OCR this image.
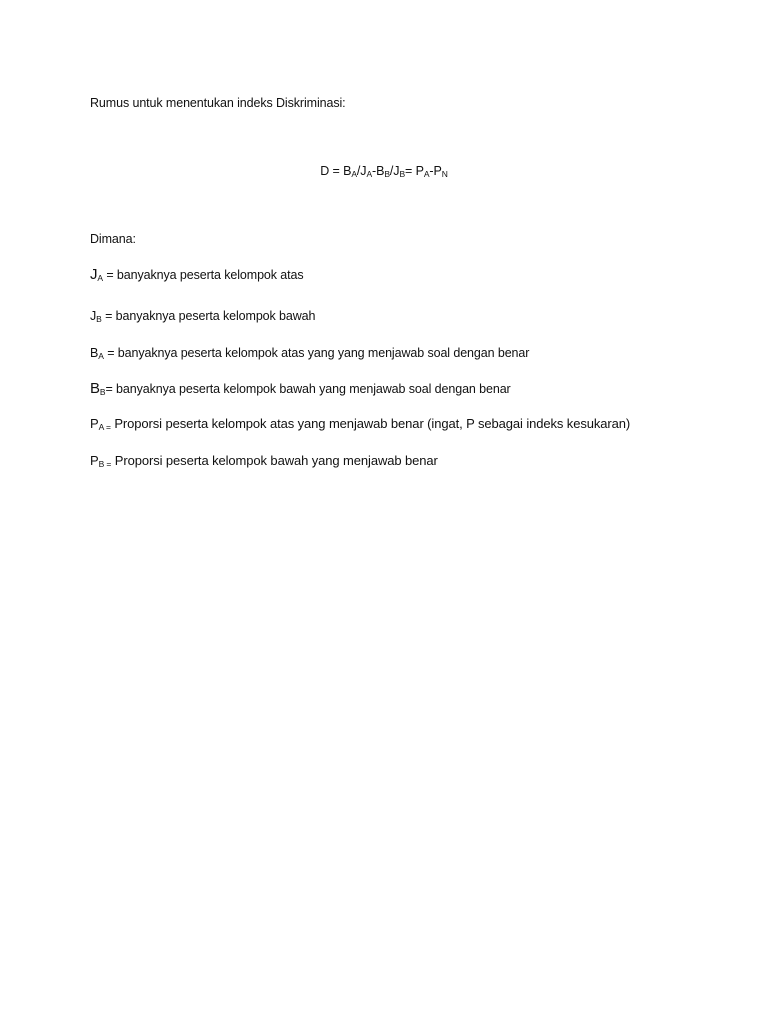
Rumus untuk menentukan indeks Diskriminasi:
$D = B_A/J_A-B_B/J_B= P_A-P_N$
Dimana:
$J_A$ = banyaknya peserta kelompok atas
$J_B$ = banyaknya peserta kelompok bawah
$B_A$ = banyaknya peserta kelompok atas yang yang menjawab soal dengan benar
$B_B=$ banyaknya peserta kelompok bawah yang menjawab soal dengan benar
$P_{A =}$ Proporsi peserta kelompok atas yang menjawab benar (ingat, P sebagai indeks kesukaran)
$P_{B =}$ Proporsi peserta kelompok bawah yang menjawab benar
